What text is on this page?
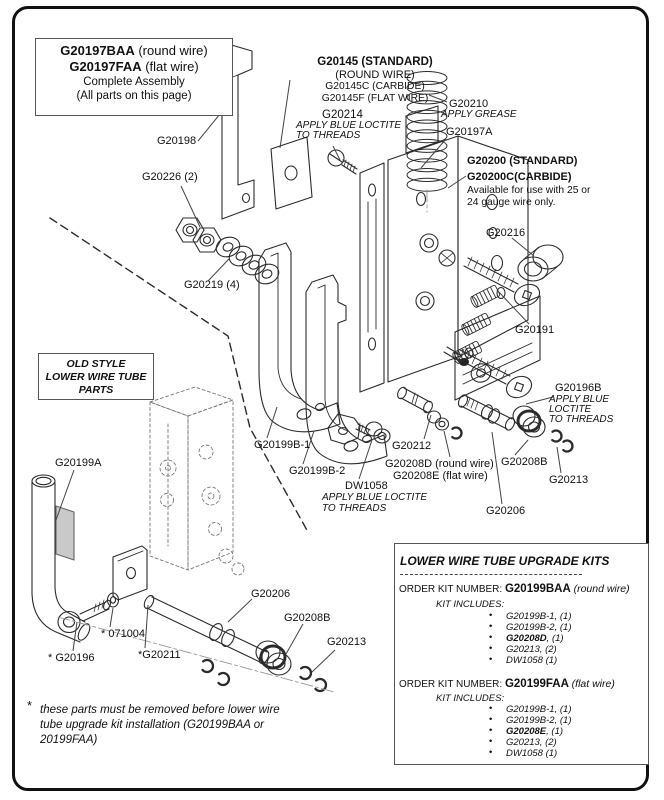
G20197BAA (round wire)
G20197FAA (flat wire)
Complete Assembly
(All parts on this page)
G20145 (STANDARD)
(ROUND WIRE)
G20145C (CARBIDE)
G20145F (FLAT WIRE)
G20214
APPLY BLUE LOCTITE
TO THREADS
G20210
APPLY GREASE
G20197A
G20200 (STANDARD)
G20200C(CARBIDE)
Available for use with 25 or
24 gauge wire only.
G20216
G20191
G20196B
APPLY BLUE
LOCTITE
TO THREADS
G20198
G20226 (2)
G20219 (4)
OLD STYLE
LOWER WIRE TUBE
PARTS
G20199B-1
G20199B-2
DW1058
APPLY BLUE LOCTITE
TO THREADS
G20212
G20208D (round wire)
G20208E (flat wire)
G20208B
G20213
G20206
G20199A
* G20196
* 071004
*G20211
G20206
G20208B
G20213
* these parts must be removed before lower wire
tube upgrade kit installation (G20199BAA or
20199FAA)
LOWER WIRE TUBE UPGRADE KITS
ORDER KIT NUMBER: G20199BAA (round wire)
KIT INCLUDES:
• G20199B-1, (1)
• G20199B-2, (1)
• G20208D, (1)
• G20213, (2)
• DW1058 (1)
ORDER KIT NUMBER: G20199FAA (flat wire)
KIT INCLUDES:
• G20199B-1, (1)
• G20199B-2, (1)
• G20208E, (1)
• G20213, (2)
• DW1058 (1)
